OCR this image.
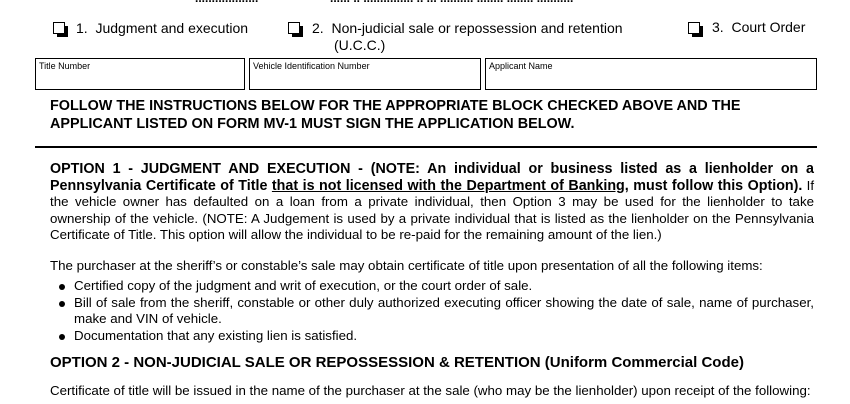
1. Judgment and execution	2. Non-judicial sale or repossession and retention
(U.C.C.)
3. Court Order
Title Number	Vehicle Identification Number	Applicant Name
FOLLOW THE INSTRUCTIONS BELOW FOR THE APPROPRIATE BLOCK CHECKED ABOVE AND THE APPLICANT LISTED ON FORM MV-1 MUST SIGN THE APPLICATION BELOW.
OPTION 1 - JUDGMENT AND EXECUTION - (NOTE: An individual or business listed as a lienholder on a Pennsylvania Certificate of Title that is not licensed with the Department of Banking, must follow this Option). If the vehicle owner has defaulted on a loan from a private individual, then Option 3 may be used for the lienholder to take ownership of the vehicle. (NOTE: A Judgement is used by a private individual that is listed as the lienholder on the Pennsylvania Certificate of Title. This option will allow the individual to be re-paid for the remaining amount of the lien.)
The purchaser at the sheriff’s or constable’s sale may obtain certificate of title upon presentation of all the following items:
Certified copy of the judgment and writ of execution, or the court order of sale.
Bill of sale from the sheriff, constable or other duly authorized executing officer showing the date of sale, name of purchaser, make and VIN of vehicle.
Documentation that any existing lien is satisfied.
OPTION 2 - NON-JUDICIAL SALE OR REPOSSESSION & RETENTION (Uniform Commercial Code)
Certificate of title will be issued in the name of the purchaser at the sale (who may be the lienholder) upon receipt of the following:
